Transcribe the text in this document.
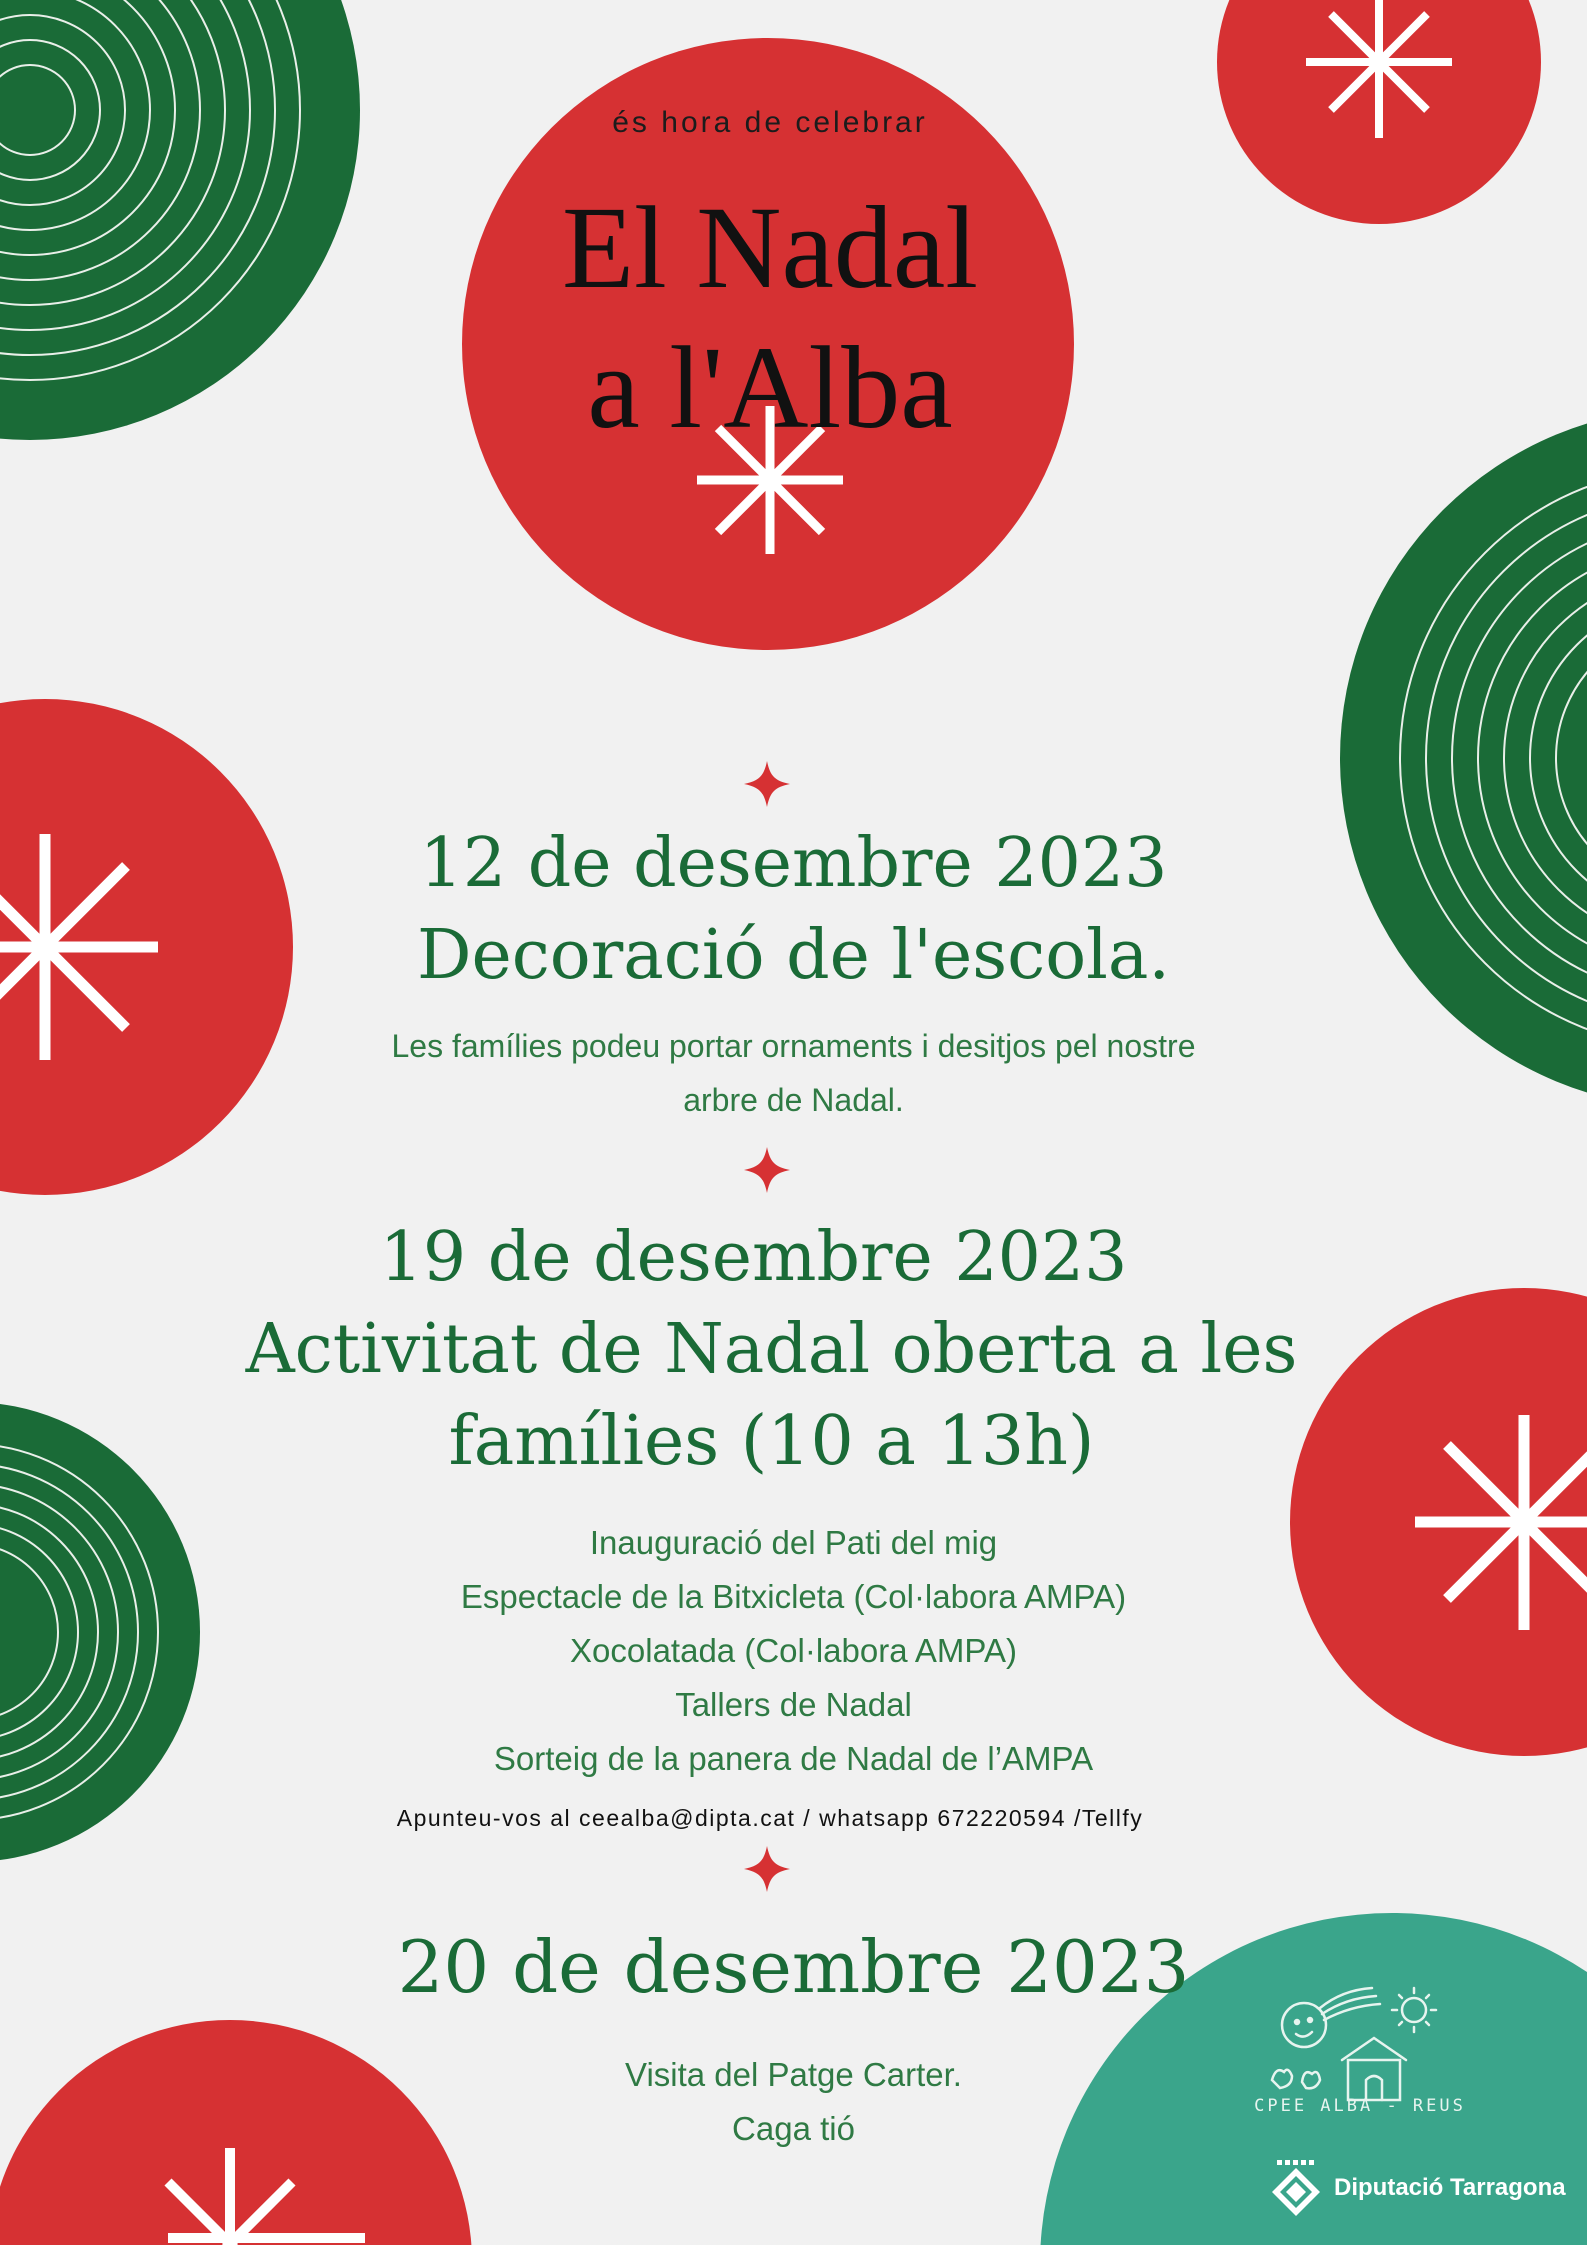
és hora de celebrar
El Nadal
a l'Alba
12 de desembre 2023
Decoració de l'escola.
Les famílies podeu portar ornaments i desitjos pel nostre
arbre de Nadal.
19 de desembre 2023
Activitat de Nadal oberta a les
famílies (10 a 13h)
Inauguració del Pati del mig
Espectacle de la Bitxicleta (Col·labora AMPA)
Xocolatada (Col·labora AMPA)
Tallers de Nadal
Sorteig de la panera de Nadal de l’AMPA
Apunteu-vos al ceealba@dipta.cat / whatsapp 672220594 /Tellfy
20 de desembre 2023
Visita del Patge Carter.
Caga tió
CPEE ALBA - REUS
Diputació Tarragona
